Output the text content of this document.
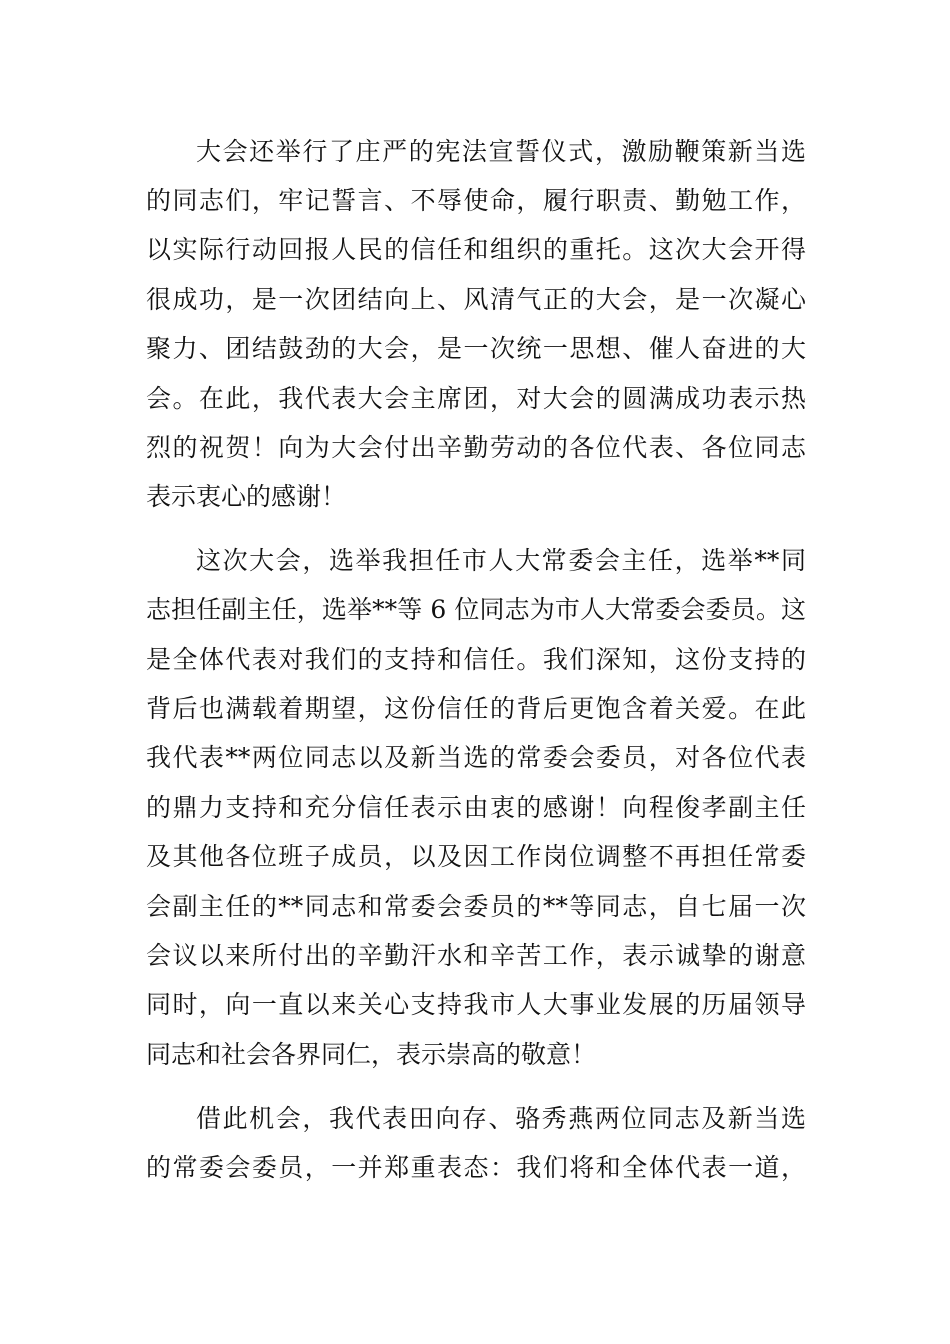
大会还举行了庄严的宪法宣誓仪式，激励鞭策新当选
的同志们，牢记誓言、不辱使命，履行职责、勤勉工作，
以实际行动回报人民的信任和组织的重托。这次大会开得
很成功，是一次团结向上、风清气正的大会，是一次凝心
聚力、团结鼓劲的大会，是一次统一思想、催人奋进的大
会。在此，我代表大会主席团，对大会的圆满成功表示热
烈的祝贺！向为大会付出辛勤劳动的各位代表、各位同志
表示衷心的感谢！
这次大会，选举我担任市人大常委会主任，选举**同
志担任副主任，选举**等 6 位同志为市人大常委会委员。这
是全体代表对我们的支持和信任。我们深知，这份支持的
背后也满载着期望，这份信任的背后更饱含着关爱。在此
我代表**两位同志以及新当选的常委会委员，对各位代表
的鼎力支持和充分信任表示由衷的感谢！向程俊孝副主任
及其他各位班子成员，以及因工作岗位调整不再担任常委
会副主任的**同志和常委会委员的**等同志，自七届一次
会议以来所付出的辛勤汗水和辛苦工作，表示诚挚的谢意
同时，向一直以来关心支持我市人大事业发展的历届领导
同志和社会各界同仁，表示崇高的敬意！
借此机会，我代表田向存、骆秀燕两位同志及新当选
的常委会委员，一并郑重表态：我们将和全体代表一道，
